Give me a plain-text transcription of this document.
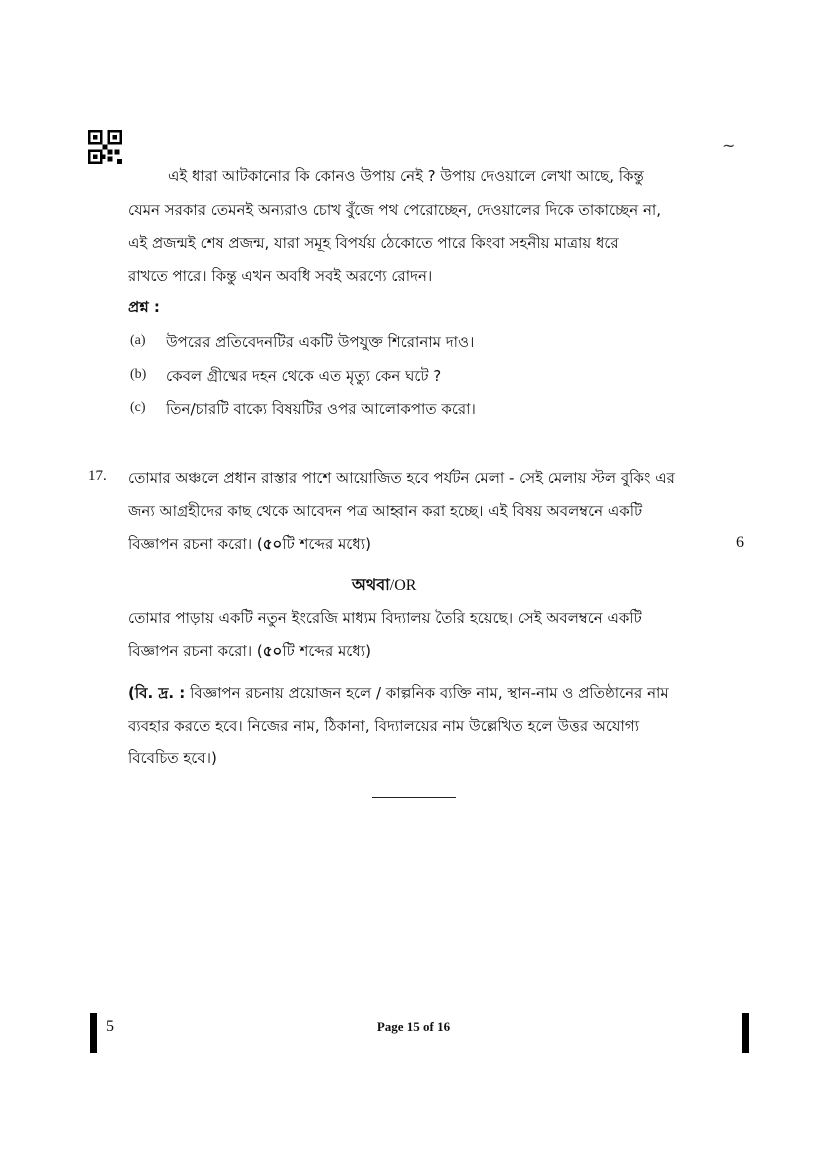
~
এই ধারা আটকানোর কি কোনও উপায় নেই ? উপায় দেওয়ালে লেখা আছে, কিন্তু
যেমন সরকার তেমনই অন্যরাও চোখ বুঁজে পথ পেরোচ্ছেন, দেওয়ালের দিকে তাকাচ্ছেন না,
এই প্রজন্মই শেষ প্রজন্ম, যারা সমূহ বিপর্যয় ঠেকোতে পারে কিংবা সহনীয় মাত্রায় ধরে
রাখতে পারে। কিন্তু এখন অবধি সবই অরণ্যে রোদন।
প্রশ্ন :
(a) উপরের প্রতিবেদনটির একটি উপযুক্ত শিরোনাম দাও।
(b) কেবল গ্রীষ্মের দহন থেকে এত মৃত্যু কেন ঘটে ?
(c) তিন/চারটি বাক্যে বিষয়টির ওপর আলোকপাত করো।
17. তোমার অঞ্চলে প্রধান রাস্তার পাশে আয়োজিত হবে পর্যটন মেলা - সেই মেলায় স্টল বুকিং এর
জন্য আগ্রহীদের কাছ থেকে আবেদন পত্র আহ্বান করা হচ্ছে। এই বিষয় অবলম্বনে একটি
বিজ্ঞাপন রচনা করো। (৫০টি শব্দের মধ্যে)	6
অথবা/OR
তোমার পাড়ায় একটি নতুন ইংরেজি মাধ্যম বিদ্যালয় তৈরি হয়েছে। সেই অবলম্বনে একটি
বিজ্ঞাপন রচনা করো। (৫০টি শব্দের মধ্যে)
(বি. দ্র. : বিজ্ঞাপন রচনায় প্রয়োজন হলে / কাল্পনিক ব্যক্তি নাম, স্থান-নাম ও প্রতিষ্ঠানের নাম
ব্যবহার করতে হবে। নিজের নাম, ঠিকানা, বিদ্যালয়ের নাম উল্লেখিত হলে উত্তর অযোগ্য
বিবেচিত হবে।)
5	Page 15 of 16
